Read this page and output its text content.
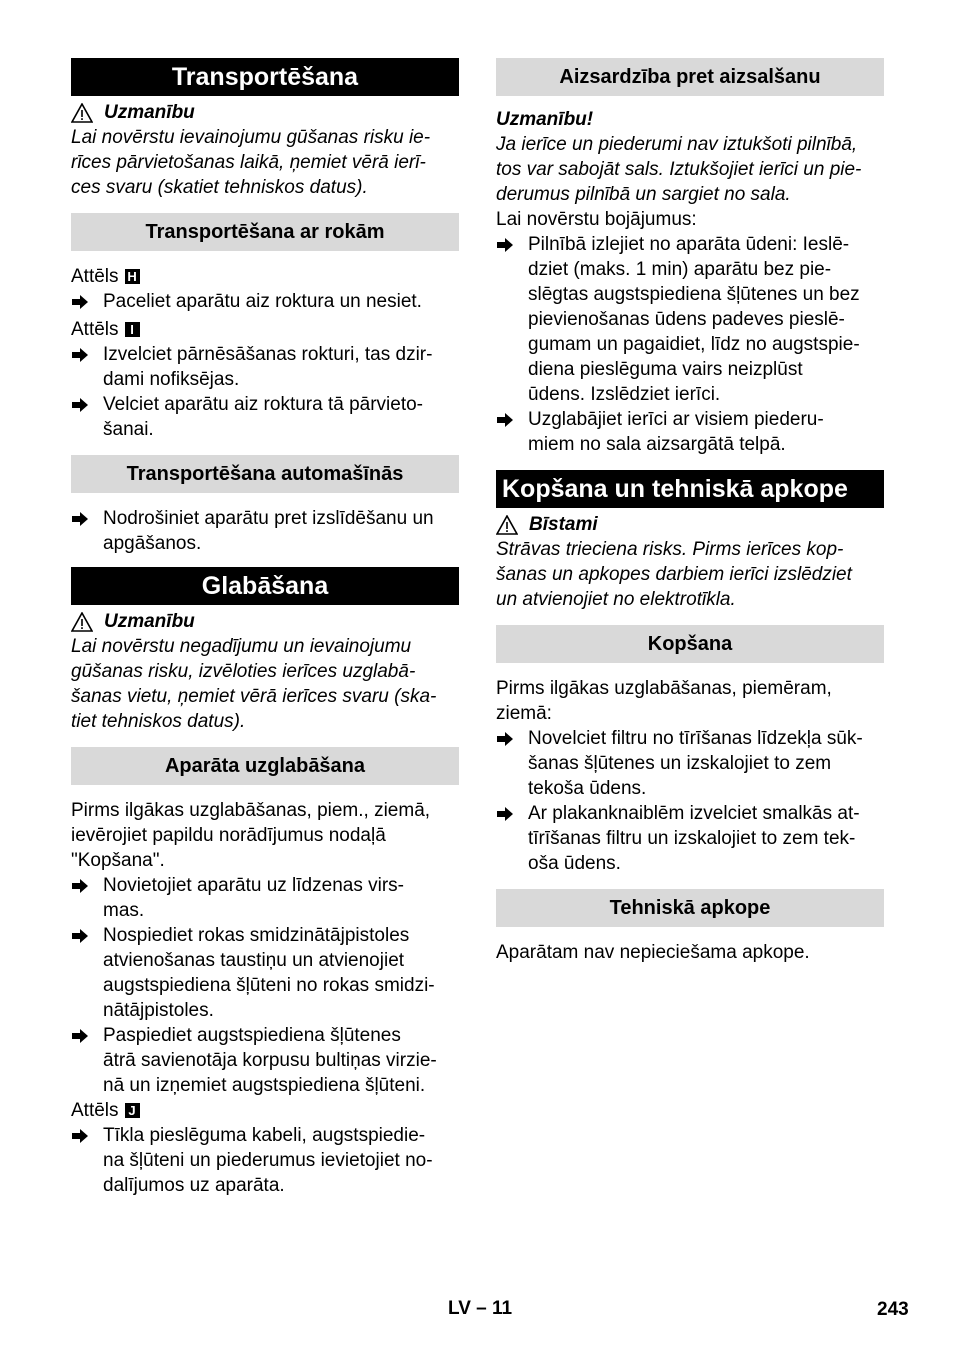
Transportēšana
Uzmanību

Lai novērstu ievainojumu gūšanas risku ie-
rīces pārvietošanas laikā, ņemiet vērā ierī-
ces svaru (skatiet tehniskos datus).

Transportēšana ar rokām
Attēls H
Paceliet aparātu aiz roktura un nesiet.
Attēls I
Izvelciet pārnēsāšanas rokturi, tas dzir-
dami nofiksējas.
Velciet aparātu aiz roktura tā pārvieto-
šanai.
Transportēšana automašīnās
Nodrošiniet aparātu pret izslīdēšanu un
apgāšanos.
Glabāšana
Uzmanību

Lai novērstu negadījumu un ievainojumu
gūšanas risku, izvēloties ierīces uzglabā-
šanas vietu, ņemiet vērā ierīces svaru (ska-
tiet tehniskos datus).

Aparāta uzglabāšana

Pirms ilgākas uzglabāšanas, piem., ziemā,
ievērojiet papildu norādījumus nodaļā
"Kopšana".

Novietojiet aparātu uz līdzenas virs-
mas.
Nospiediet rokas smidzinātājpistoles
atvienošanas taustiņu un atvienojiet
augstspiediena šļūteni no rokas smidzi-
nātājpistoles.
Paspiediet augstspiediena šļūtenes
ātrā savienotāja korpusu bultiņas virzie-
nā un izņemiet augstspiediena šļūteni.
Attēls J
Tīkla pieslēguma kabeli, augstspiedie-
na šļūteni un piederumus ievietojiet no-
dalījumos uz aparāta.
Aizsardzība pret aizsalšanu

Uzmanību!

Ja ierīce un piederumi nav iztukšoti pilnībā,
tos var sabojāt sals. Iztukšojiet ierīci un pie-
derumus pilnībā un sargiet no sala.

Lai novērstu bojājumus:

Pilnībā izlejiet no aparāta ūdeni: Ieslē-
dziet (maks. 1 min) aparātu bez pie-
slēgtas augstspiediena šļūtenes un bez
pievienošanas ūdens padeves pieslē-
gumam un pagaidiet, līdz no augstspie-
diena pieslēguma vairs neizplūst
ūdens. Izslēdziet ierīci.
Uzglabājiet ierīci ar visiem piederu-
miem no sala aizsargātā telpā.
Kopšana un tehniskā apkope
Bīstami

Strāvas trieciena risks. Pirms ierīces kop-
šanas un apkopes darbiem ierīci izslēdziet
un atvienojiet no elektrotīkla.

Kopšana

Pirms ilgākas uzglabāšanas, piemēram,
ziemā:

Novelciet filtru no tīrīšanas līdzekļa sūk-
šanas šļūtenes un izskalojiet to zem
tekoša ūdens.
Ar plakanknaiblēm izvelciet smalkās at-
tīrīšanas filtru un izskalojiet to zem tek-
oša ūdens.
Tehniskā apkope

Aparātam nav nepieciešama apkope.

LV – 11	243
